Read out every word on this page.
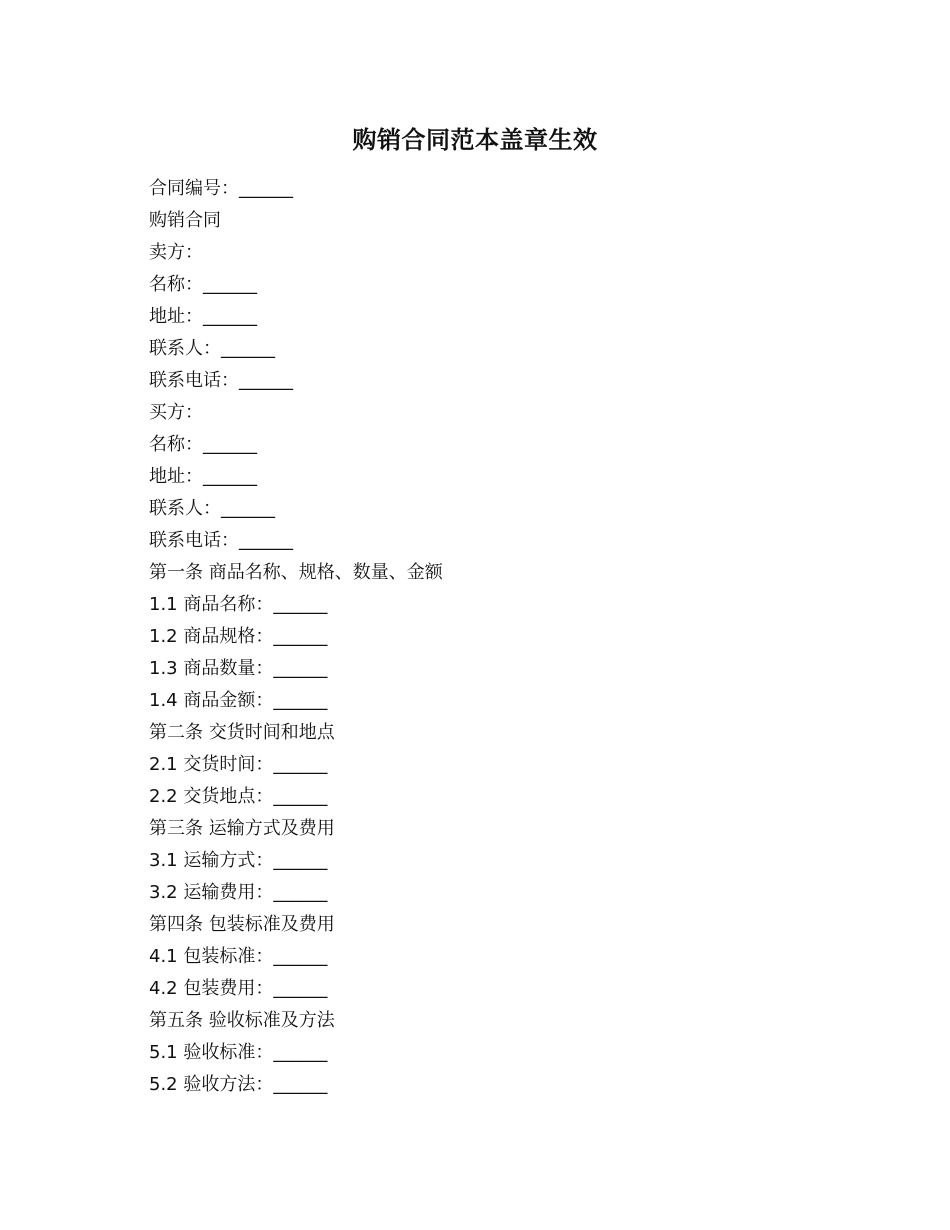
购销合同范本盖章生效
合同编号：______
购销合同
卖方：
名称：______
地址：______
联系人：______
联系电话：______
买方：
名称：______
地址：______
联系人：______
联系电话：______
第一条 商品名称、规格、数量、金额
1.1 商品名称：______
1.2 商品规格：______
1.3 商品数量：______
1.4 商品金额：______
第二条 交货时间和地点
2.1 交货时间：______
2.2 交货地点：______
第三条 运输方式及费用
3.1 运输方式：______
3.2 运输费用：______
第四条 包装标准及费用
4.1 包装标准：______
4.2 包装费用：______
第五条 验收标准及方法
5.1 验收标准：______
5.2 验收方法：______
